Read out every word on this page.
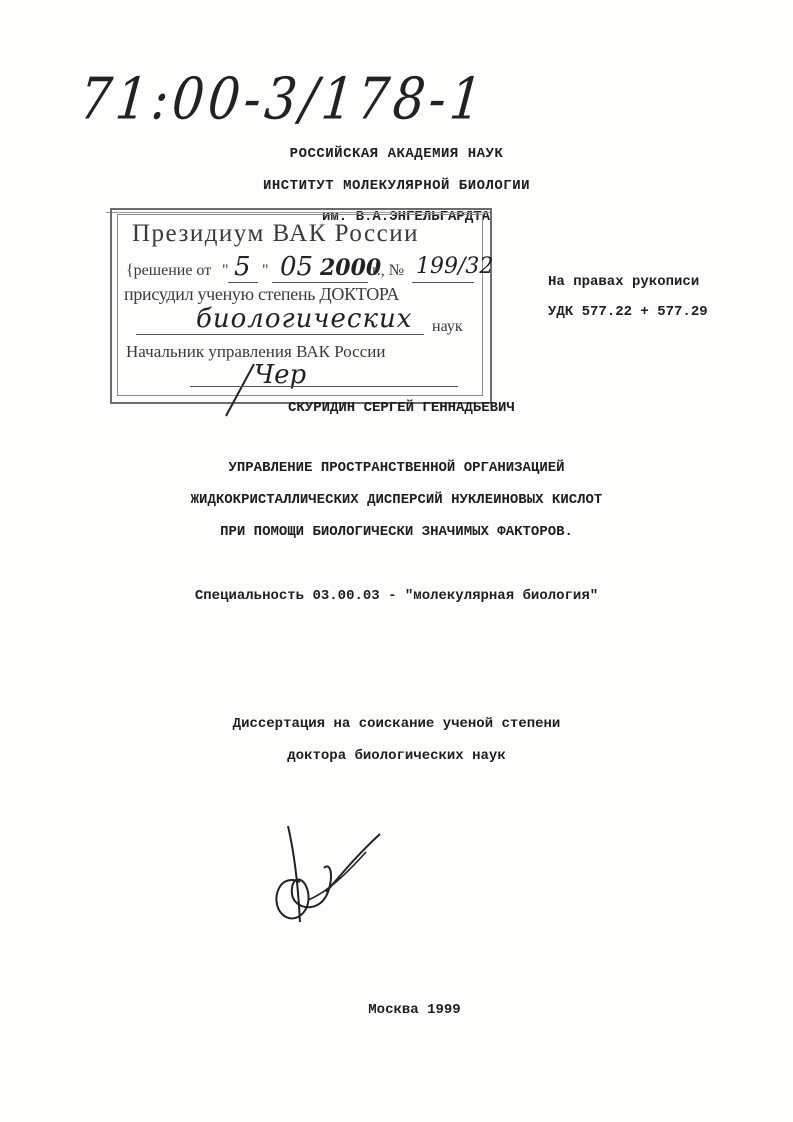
71:00-3/178-1
РОССИЙСКАЯ АКАДЕМИЯ НАУК
ИНСТИТУТ МОЛЕКУЛЯРНОЙ БИОЛОГИИ
им. В.А.ЭНГЕЛЬГАРДТА
Президиум ВАК России
{решение от " 5 " 05 2000
г., № 199/32
присудил ученую степень ДОКТОРА
биологических наук
Начальник управления ВАК России
Чер
На правах рукописи
УДК 577.22 + 577.29
СКУРИДИН СЕРГЕЙ ГЕННАДЬЕВИЧ
УПРАВЛЕНИЕ ПРОСТРАНСТВЕННОЙ ОРГАНИЗАЦИЕЙ
ЖИДКОКРИСТАЛЛИЧЕСКИХ ДИСПЕРСИЙ НУКЛЕИНОВЫХ КИСЛОТ
ПРИ ПОМОЩИ БИОЛОГИЧЕСКИ ЗНАЧИМЫХ ФАКТОРОВ.
Специальность 03.00.03 - "молекулярная биология"
Диссертация на соискание ученой степени
доктора биологических наук
Москва 1999
